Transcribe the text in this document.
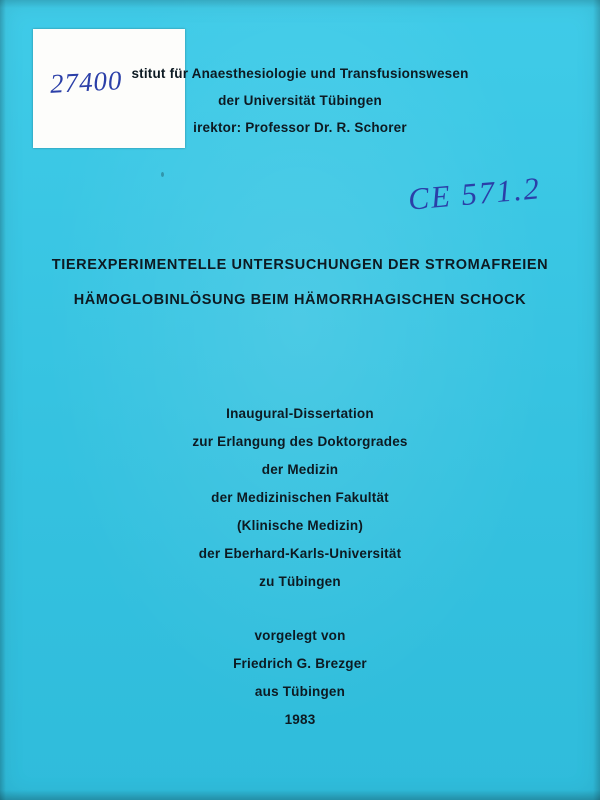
27400
CE 571.2
stitut für Anaesthesiologie und Transfusionswesen
der Universität Tübingen
irektor: Professor Dr. R. Schorer
TIEREXPERIMENTELLE UNTERSUCHUNGEN DER STROMAFREIEN
HÄMOGLOBINLÖSUNG BEIM HÄMORRHAGISCHEN SCHOCK
Inaugural-Dissertation
zur Erlangung des Doktorgrades
der Medizin
der Medizinischen Fakultät
(Klinische Medizin)
der Eberhard-Karls-Universität
zu Tübingen
vorgelegt von
Friedrich G. Brezger
aus Tübingen
1983
